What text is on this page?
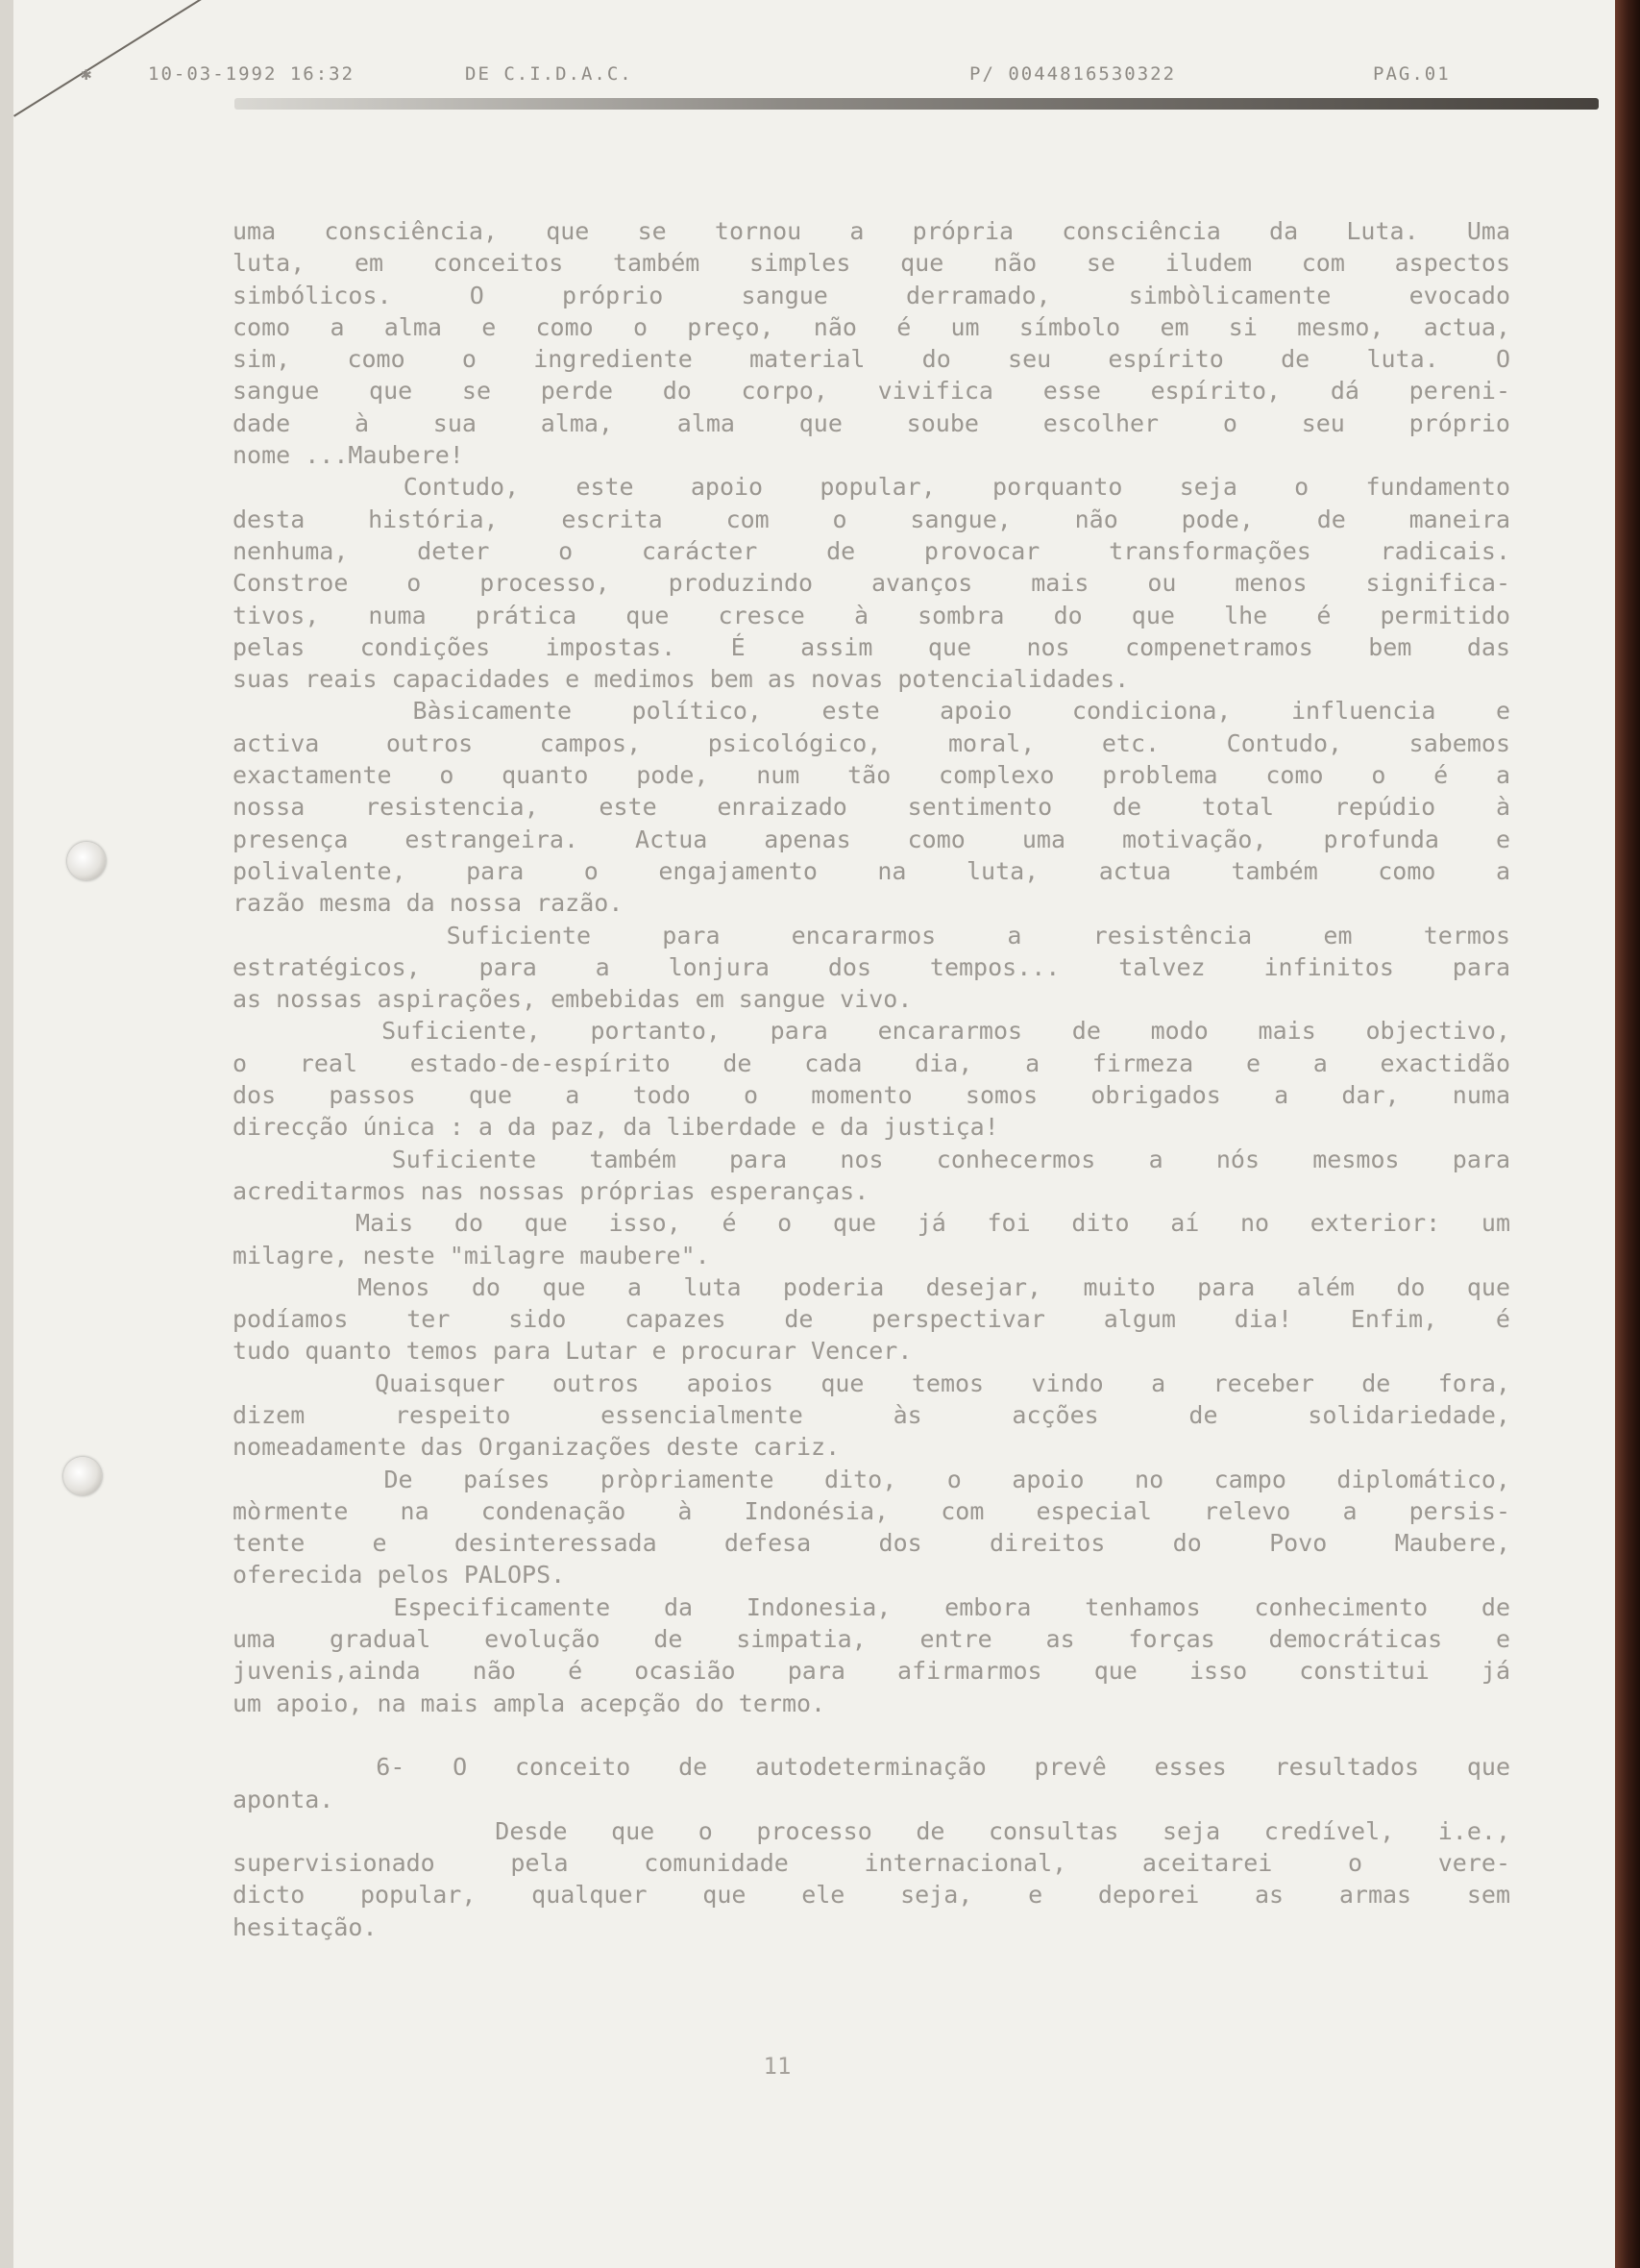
✱	10-03-1992 16:32	DE C.I.D.A.C.	P/ 0044816530322	PAG.01
uma consciência, que se tornou a própria consciência da Luta. Uma
luta, em conceitos também simples que não se iludem com aspectos
simbólicos. O próprio sangue derramado, simbòlicamente evocado
como a alma e como o preço, não é um símbolo em si mesmo, actua,
sim, como o ingrediente material do seu espírito de luta. O
sangue que se perde do corpo, vivifica esse espírito, dá pereni-
dade à sua alma, alma que soube escolher o seu próprio
nome ...Maubere!
Contudo, este apoio popular, porquanto seja o fundamento
desta história, escrita com o sangue, não pode, de maneira
nenhuma, deter o carácter de provocar transformações radicais.
Constroe o processo, produzindo avanços mais ou menos significa-
tivos, numa prática que cresce à sombra do que lhe é permitido
pelas condições impostas. É assim que nos compenetramos bem das
suas reais capacidades e medimos bem as novas potencialidades.
Bàsicamente político, este apoio condiciona, influencia e
activa outros campos, psicológico, moral, etc. Contudo, sabemos
exactamente o quanto pode, num tão complexo problema como o é a
nossa resistencia, este enraizado sentimento de total repúdio à
presença estrangeira. Actua apenas como uma motivação, profunda e
polivalente, para o engajamento na luta, actua também como a
razão mesma da nossa razão.
Suficiente para encararmos a resistência em termos
estratégicos, para a lonjura dos tempos... talvez infinitos para
as nossas aspirações, embebidas em sangue vivo.
Suficiente, portanto, para encararmos de modo mais objectivo,
o real estado-de-espírito de cada dia, a firmeza e a exactidão
dos passos que a todo o momento somos obrigados a dar, numa
direcção única : a da paz, da liberdade e da justiça!
Suficiente também para nos conhecermos a nós mesmos para
acreditarmos nas nossas próprias esperanças.
Mais do que isso, é o que já foi dito aí no exterior: um
milagre, neste "milagre maubere".
Menos do que a luta poderia desejar, muito para além do que
podíamos ter sido capazes de perspectivar algum dia! Enfim, é
tudo quanto temos para Lutar e procurar Vencer.
Quaisquer outros apoios que temos vindo a receber de fora,
dizem respeito essencialmente às acções de solidariedade,
nomeadamente das Organizações deste cariz.
De países pròpriamente dito, o apoio no campo diplomático,
mòrmente na condenação à Indonésia, com especial relevo a persis-
tente e desinteressada defesa dos direitos do Povo Maubere,
oferecida pelos PALOPS.
Especificamente da Indonesia, embora tenhamos conhecimento de
uma gradual evolução de simpatia, entre as forças democráticas e
juvenis,ainda não é ocasião para afirmarmos que isso constitui já
um apoio, na mais ampla acepção do termo.
6- O conceito de autodeterminação prevê esses resultados que
aponta.
Desde que o processo de consultas seja credível, i.e.,
supervisionado pela comunidade internacional, aceitarei o vere-
dicto popular, qualquer que ele seja, e deporei as armas sem
hesitação.
11
